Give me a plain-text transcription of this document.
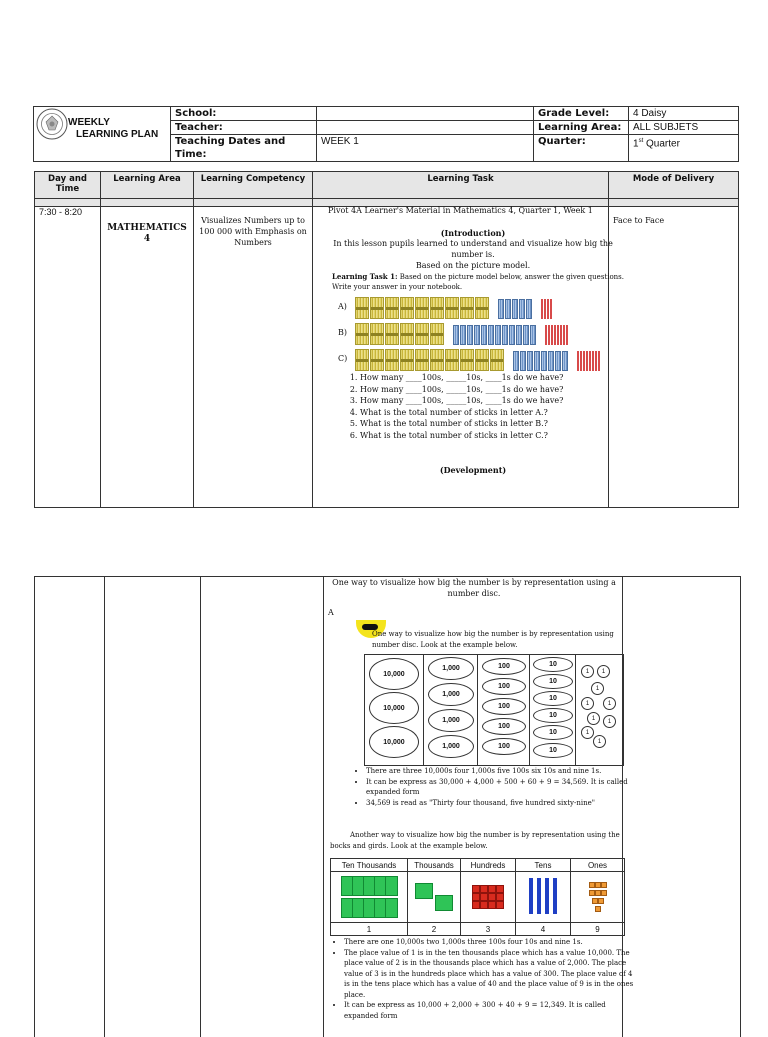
	School:		Grade Level:	4 Daisy
	Teacher:		Learning Area:	ALL SUBJETS
	Teaching Dates and Time:	WEEK 1	Quarter:	1st Quarter
WEEKLY
LEARNING PLAN
Day and Time	Learning Area	Learning Competency	Learning Task	Mode of Delivery

7:30 - 8:20	MATHEMATICS 4	Visualizes Numbers up to 100 000 with Emphasis on Numbers		Face to Face
Pivot 4A Learner's Material in Mathematics 4, Quarter 1, Week 1
(Introduction)
In this lesson pupils learned to understand and visualize how big the number is.
Based on the picture model.
Learning Task 1: Based on the picture model below, answer the given questions. Write your answer in your notebook.
A)
B)
C)
1. How many ____100s, _____10s, ____1s do we have?
2. How many ____100s, _____10s, ____1s do we have?
3. How many ____100s, _____10s, ____1s do we have?
4. What is the total number of sticks in letter A.?
5. What is the total number of sticks in letter B.?
6. What is the total number of sticks in letter C.?
(Development)
One way to visualize how big the number is by representation using a number disc.
A
One way to visualize how big the number is by representation using number disc. Look at the example below.
10,000
10,000
10,000
1,000
1,000
1,000
1,000
100
100
100
100
100
10
10
10
10
10
10
1	1
1
1	1
1	1
1
1
• There are three 10,000s four 1,000s five 100s six 10s and nine 1s.
• It can be express as 30,000 + 4,000 + 500 + 60 + 9 = 34,569. It is called expanded form
• 34,569 is read as "Thirty four thousand, five hundred sixty-nine"
Another way to visualize how big the number is by representation using the bocks and girds. Look at the example below.
Ten Thousands	Thousands	Hundreds	Tens	Ones

1	2	3	4	9
• There are one 10,000s two 1,000s three 100s four 10s and nine 1s.
• The place value of 1 is in the ten thousands place which has a value 10,000. The place value of 2 is in the thousands place which has a value of 2,000. The place value of 3 is in the hundreds place which has a value of 300. The place value of 4 is in the tens place which has a value of 40 and the place value of 9 is in the ones place.
• It can be express as 10,000 + 2,000 + 300 + 40 + 9 = 12,349. It is called expanded form
